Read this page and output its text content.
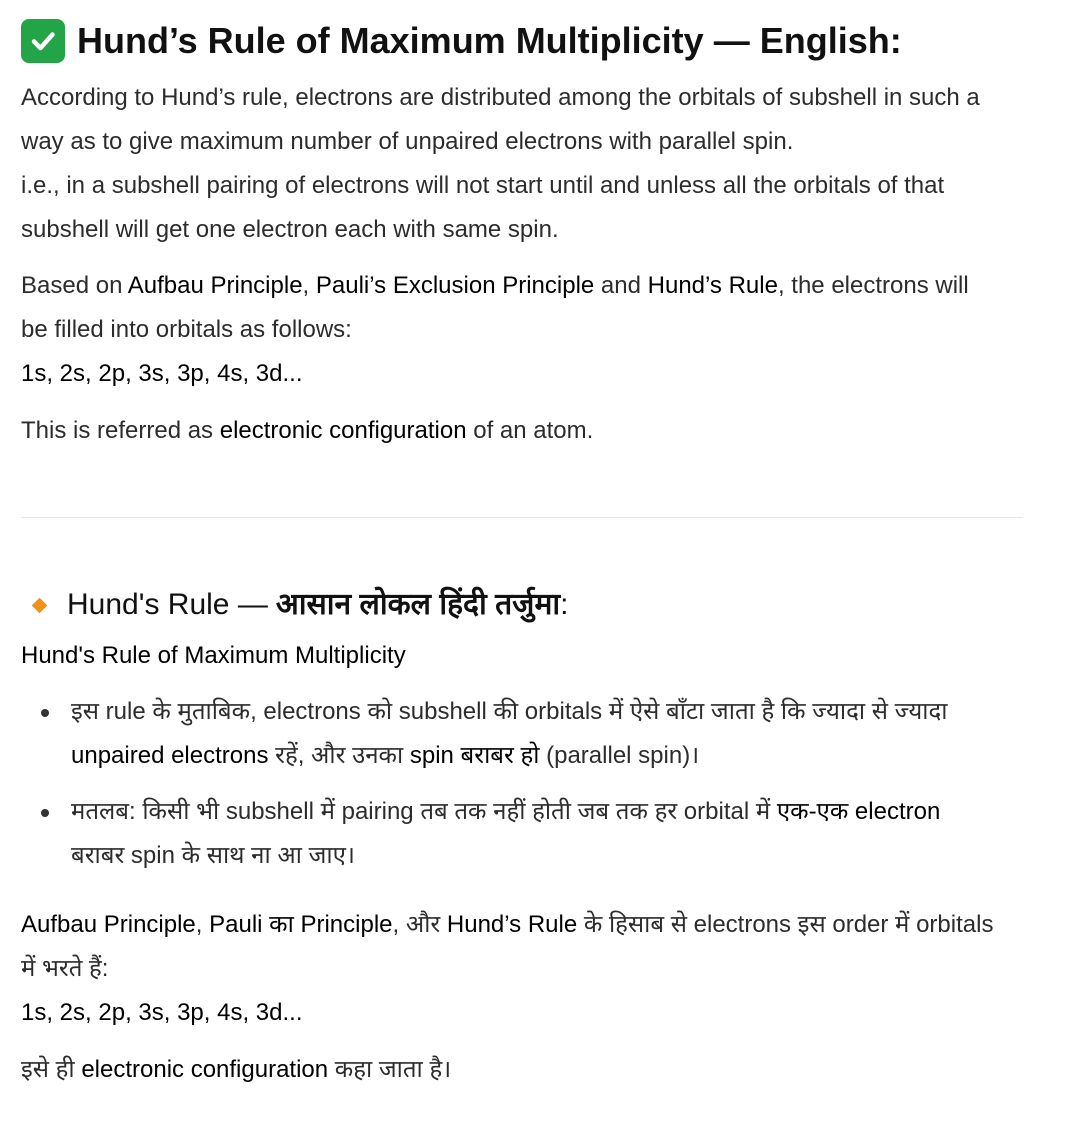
Hund’s Rule of Maximum Multiplicity — English:

According to Hund’s rule, electrons are distributed among the orbitals of subshell in such a
way as to give maximum number of unpaired electrons with parallel spin.
i.e., in a subshell pairing of electrons will not start until and unless all the orbitals of that
subshell will get one electron each with same spin.

Based on Aufbau Principle, Pauli’s Exclusion Principle and Hund’s Rule, the electrons will
be filled into orbitals as follows:
1s, 2s, 2p, 3s, 3p, 4s, 3d...

This is referred as electronic configuration of an atom.

Hund's Rule — आसान लोकल हिंदी तर्जुमा :

Hund's Rule of Maximum Multiplicity

इस rule के मुताबिक, electrons को subshell की orbitals में ऐसे बाँटा जाता है कि ज्यादा से ज्यादा
unpaired electrons रहें, और उनका spin बराबर हो (parallel spin)।
मतलब: किसी भी subshell में pairing तब तक नहीं होती जब तक हर orbital में एक-एक electron
बराबर spin के साथ ना आ जाए।

Aufbau Principle, Pauli का Principle, और Hund’s Rule के हिसाब से electrons इस order में orbitals
में भरते हैं:
1s, 2s, 2p, 3s, 3p, 4s, 3d...

इसे ही electronic configuration कहा जाता है।
